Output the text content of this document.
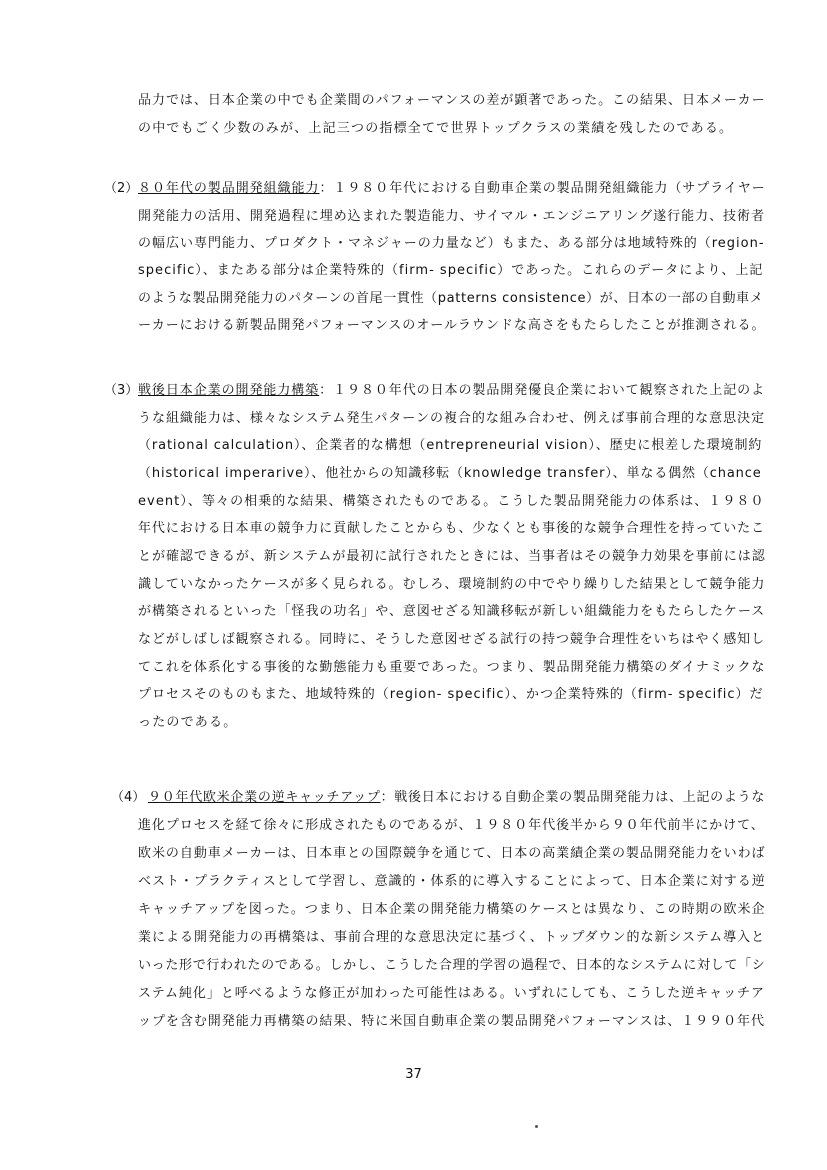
品力では、日本企業の中でも企業間のパフォーマンスの差が顕著であった。この結果、日本メーカー
の中でもごく少数のみが、上記三つの指標全てで世界トップクラスの業績を残したのである。
（2） ８０年代の製品開発組織能力：１９８０年代における自動車企業の製品開発組織能力（サプライヤー
開発能力の活用、開発過程に埋め込まれた製造能力、サイマル・エンジニアリング遂行能力、技術者
の幅広い専門能力、プロダクト・マネジャーの力量など）もまた、ある部分は地域特殊的（region-
specific）、またある部分は企業特殊的（firm- specific）であった。これらのデータにより、上記
のような製品開発能力のパターンの首尾一貫性（patterns consistence）が、日本の一部の自動車メ
ーカーにおける新製品開発パフォーマンスのオールラウンドな高さをもたらしたことが推測される。
（3） 戦後日本企業の開発能力構築：１９８０年代の日本の製品開発優良企業において観察された上記のよ
うな組織能力は、様々なシステム発生パターンの複合的な組み合わせ、例えば事前合理的な意思決定
（rational calculation）、企業者的な構想（entrepreneurial vision）、歴史に根差した環境制約
（historical imperarive）、他社からの知識移転（knowledge transfer）、単なる偶然（chance
event）、等々の相乗的な結果、構築されたものである。こうした製品開発能力の体系は、１９８０
年代における日本車の競争力に貢献したことからも、少なくとも事後的な競争合理性を持っていたこ
とが確認できるが、新システムが最初に試行されたときには、当事者はその競争力効果を事前には認
識していなかったケースが多く見られる。むしろ、環境制約の中でやり繰りした結果として競争能力
が構築されるといった「怪我の功名」や、意図せざる知識移転が新しい組織能力をもたらしたケース
などがしばしば観察される。同時に、そうした意図せざる試行の持つ競争合理性をいちはやく感知し
てこれを体系化する事後的な勤態能力も重要であった。つまり、製品開発能力構築のダイナミックな
プロセスそのものもまた、地域特殊的（region- specific）、かつ企業特殊的（firm- specific）だ
ったのである。
（4） ９０年代欧米企業の逆キャッチアップ：戦後日本における自動企業の製品開発能力は、上記のような
進化プロセスを経て徐々に形成されたものであるが、１９８０年代後半から９０年代前半にかけて、
欧米の自動車メーカーは、日本車との国際競争を通じて、日本の高業績企業の製品開発能力をいわば
ベスト・プラクティスとして学習し、意識的・体系的に導入することによって、日本企業に対する逆
キャッチアップを図った。つまり、日本企業の開発能力構築のケースとは異なり、この時期の欧米企
業による開発能力の再構築は、事前合理的な意思決定に基づく、トップダウン的な新システム導入と
いった形で行われたのである。しかし、こうした合理的学習の過程で、日本的なシステムに対して「シ
ステム純化」と呼べるような修正が加わった可能性はある。いずれにしても、こうした逆キャッチア
ップを含む開発能力再構築の結果、特に米国自動車企業の製品開発パフォーマンスは、１９９０年代
37
